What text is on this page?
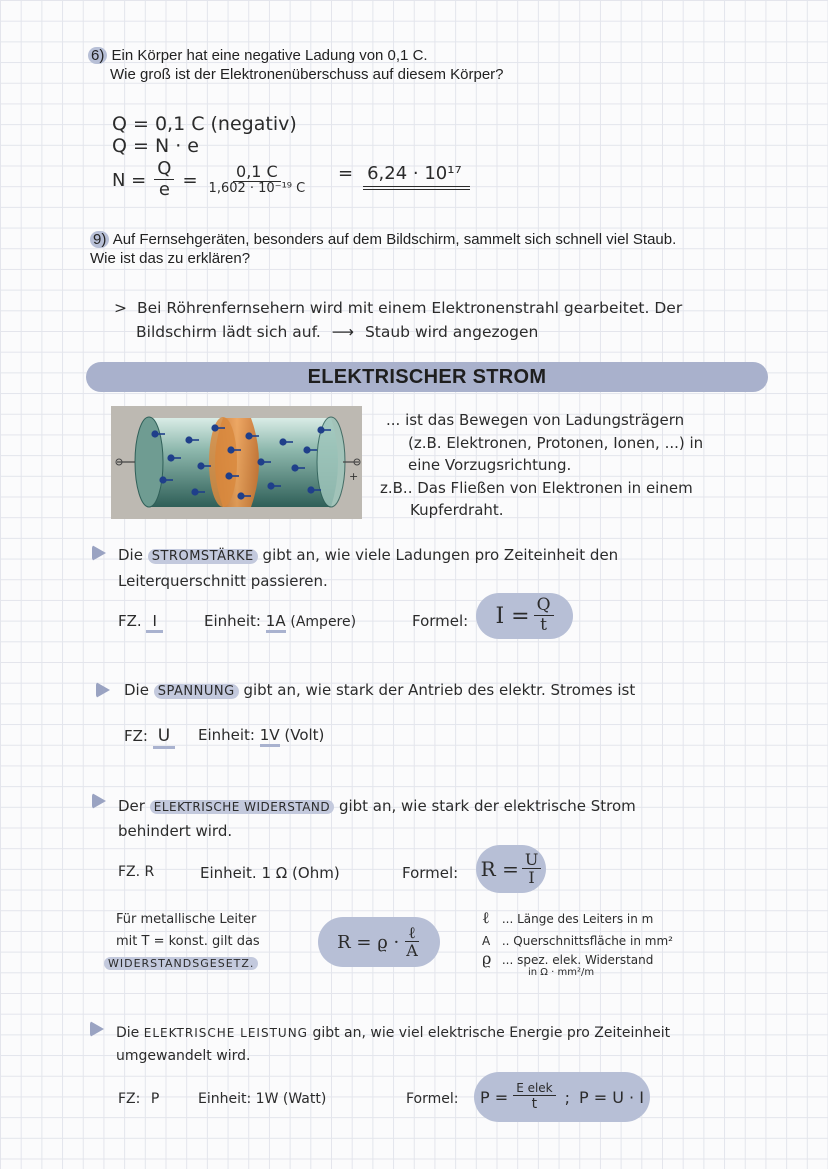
6) Ein Körper hat eine negative Ladung von 0,1 C.
Wie groß ist der Elektronenüberschuss auf diesem Körper?
Q = 0,1 C (negativ)
Q = N · e
$N = \frac{Q}{e} = \frac{0,1 C}{\text{1,602 · 10⁻¹⁹ C}} = 6,24 \cdot 10^{17}$
9) Auf Fernsehgeräten, besonders auf dem Bildschirm, sammelt sich schnell viel Staub.
Wie ist das zu erklären?
> Bei Röhrenfernsehern wird mit einem Elektronenstrahl gearbeitet. Der
Bildschirm lädt sich auf. ⟶ Staub wird angezogen
ELEKTRISCHER STROM
+
... ist das Bewegen von Ladungsträgern
(z.B. Elektronen, Protonen, Ionen, ...) in
eine Vorzugsrichtung.
z.B.. Das Fließen von Elektronen in einem
Kupferdraht.
Die STROMSTÄRKE gibt an, wie viele Ladungen pro Zeiteinheit den
Leiterquerschnitt passieren.
FZ. I	Einheit: 1A (Ampere)	Formel: $I = \frac{Q}{t}$
Die SPANNUNG gibt an, wie stark der Antrieb des elektr. Stromes ist
FZ: U	Einheit: 1V (Volt)
Der ELEKTRISCHE WIDERSTAND gibt an, wie stark der elektrische Strom
behindert wird.
FZ. R	Einheit. 1 Ω (Ohm)	Formel: $R = \frac{U}{I}$
Für metallische Leiter
mit T = konst. gilt das
WIDERSTANDSGESETZ.
$R = ϱ \cdot \frac{\text{ℓ}}{A}$
ℓ ... Länge des Leiters in m
A .. Querschnittsfläche in mm²
ϱ ... spez. elek. Widerstand
in Ω · mm²/m
Die ELEKTRISCHE LEISTUNG gibt an, wie viel elektrische Energie pro Zeiteinheit
umgewandelt wird.
FZ: P	Einheit: 1W (Watt)	Formel: $P = \frac{\text{E elek}}{t}$ ; P = U · I
